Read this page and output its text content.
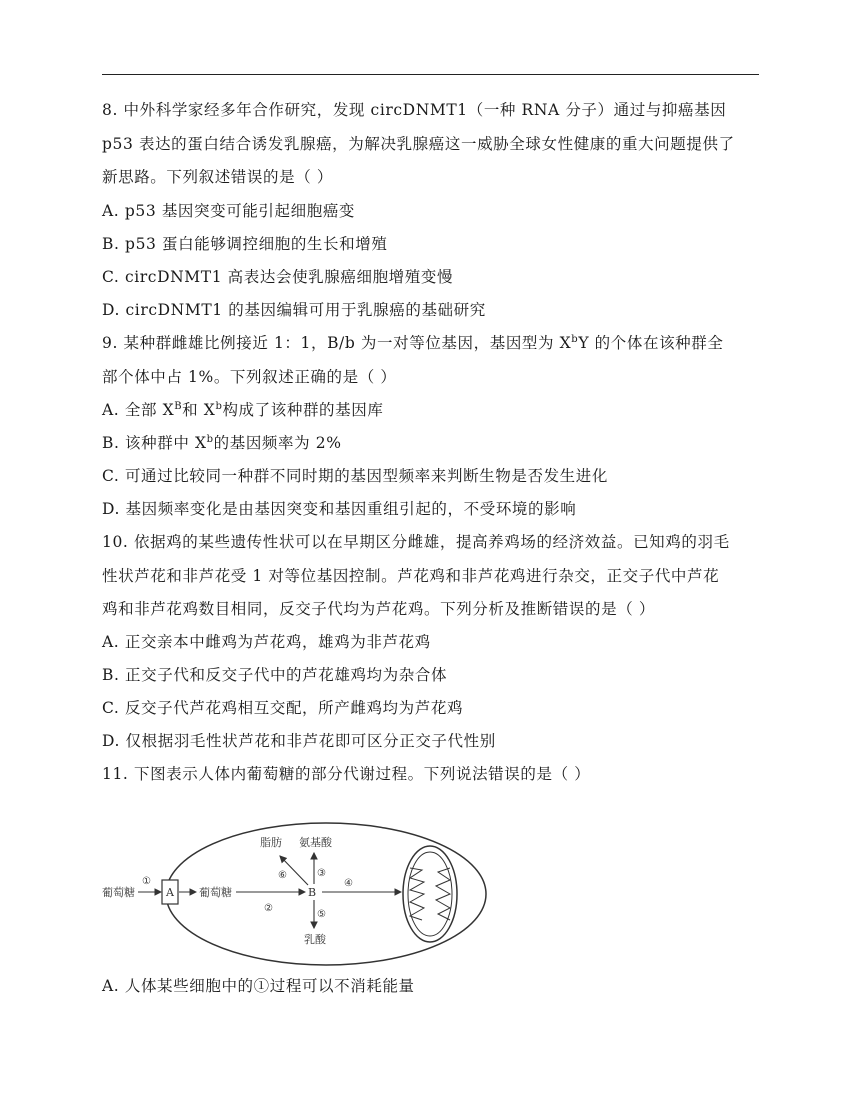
8. 中外科学家经多年合作研究，发现 circDNMT1（一种 RNA 分子）通过与抑癌基因
p53 表达的蛋白结合诱发乳腺癌，为解决乳腺癌这一威胁全球女性健康的重大问题提供了
新思路。下列叙述错误的是（ ）
A. p53 基因突变可能引起细胞癌变
B. p53 蛋白能够调控细胞的生长和增殖
C. circDNMT1 高表达会使乳腺癌细胞增殖变慢
D. circDNMT1 的基因编辑可用于乳腺癌的基础研究
9. 某种群雌雄比例接近 1：1，B/b 为一对等位基因，基因型为 $X^bY$ 的个体在该种群全
部个体中占 1%。下列叙述正确的是（ ）
A. 全部 $X^B$和 $X^b$构成了该种群的基因库
B. 该种群中 $X^b$的基因频率为 2%
C. 可通过比较同一种群不同时期的基因型频率来判断生物是否发生进化
D. 基因频率变化是由基因突变和基因重组引起的，不受环境的影响
10. 依据鸡的某些遗传性状可以在早期区分雌雄，提高养鸡场的经济效益。已知鸡的羽毛
性状芦花和非芦花受 1 对等位基因控制。芦花鸡和非芦花鸡进行杂交，正交子代中芦花
鸡和非芦花鸡数目相同，反交子代均为芦花鸡。下列分析及推断错误的是（ ）
A. 正交亲本中雌鸡为芦花鸡，雄鸡为非芦花鸡
B. 正交子代和反交子代中的芦花雄鸡均为杂合体
C. 反交子代芦花鸡相互交配，所产雌鸡均为芦花鸡
D. 仅根据羽毛性状芦花和非芦花即可区分正交子代性别
11. 下图表示人体内葡萄糖的部分代谢过程。下列说法错误的是（ ）
A
葡萄糖
①
葡萄糖
②
B
③
氨基酸
⑥
脂肪
⑤
乳酸
④
A. 人体某些细胞中的①过程可以不消耗能量
